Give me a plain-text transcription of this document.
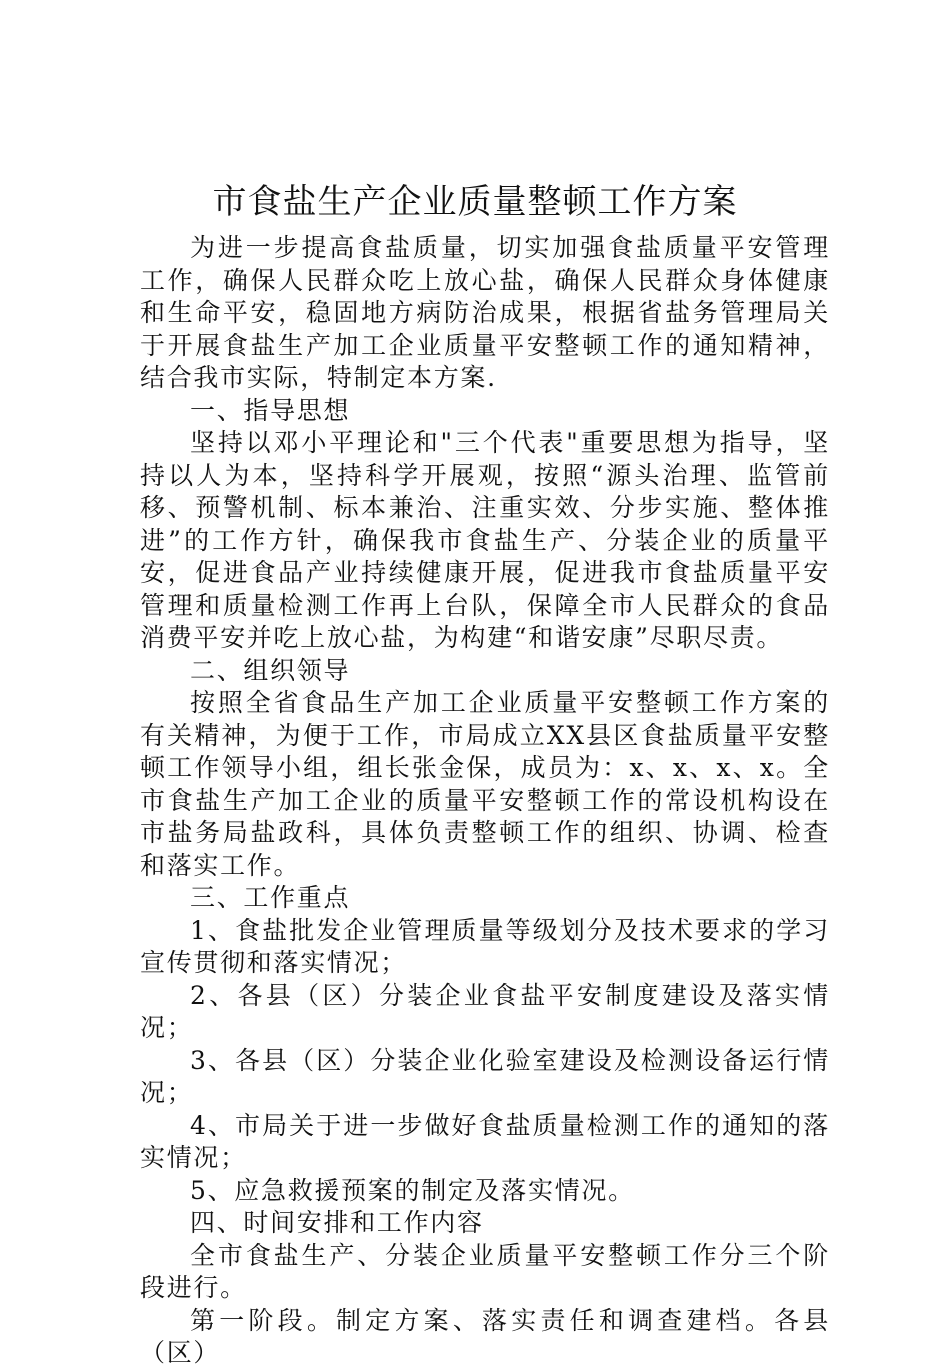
市食盐生产企业质量整顿工作方案

为进一步提高食盐质量，切实加强食盐质量平安管理工作，确保人民群众吃上放心盐，确保人民群众身体健康和生命平安，稳固地方病防治成果，根据省盐务管理局关于开展食盐生产加工企业质量平安整顿工作的通知精神，结合我市实际，特制定本方案.

一、指导思想

坚持以邓小平理论和"三个代表"重要思想为指导，坚持以人为本，坚持科学开展观，按照“源头治理、监管前移、预警机制、标本兼治、注重实效、分步实施、整体推进”的工作方针，确保我市食盐生产、分装企业的质量平安，促进食品产业持续健康开展，促进我市食盐质量平安管理和质量检测工作再上台队，保障全市人民群众的食品消费平安并吃上放心盐，为构建“和谐安康”尽职尽责。

二、组织领导

按照全省食品生产加工企业质量平安整顿工作方案的有关精神，为便于工作，市局成立XX县区食盐质量平安整顿工作领导小组，组长张金保，成员为：x、x、x、x。全市食盐生产加工企业的质量平安整顿工作的常设机构设在市盐务局盐政科，具体负责整顿工作的组织、协调、检查和落实工作。

三、工作重点

1、食盐批发企业管理质量等级划分及技术要求的学习宣传贯彻和落实情况；

2、各县（区）分装企业食盐平安制度建设及落实情况；

3、各县（区）分装企业化验室建设及检测设备运行情况；

4、市局关于进一步做好食盐质量检测工作的通知的落实情况；

5、应急救援预案的制定及落实情况。

四、时间安排和工作内容

全市食盐生产、分装企业质量平安整顿工作分三个阶段进行。

第一阶段。制定方案、落实责任和调查建档。各县（区）
